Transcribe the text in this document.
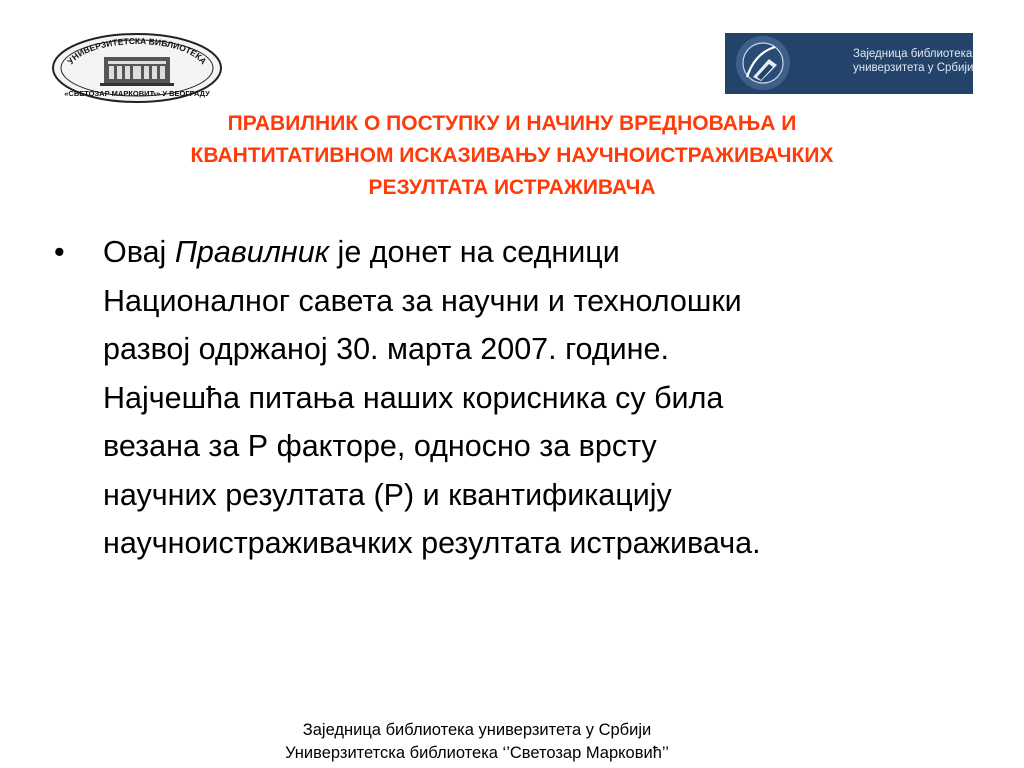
УНИВЕРЗИТЕТСКА БИБЛИОТЕКА
«СВЕТОЗАР МАРКОВИЋ» У БЕОГРАДУ
Заједница библиотека
универзитета у Србији
ПРАВИЛНИК О ПОСТУПКУ И НАЧИНУ ВРЕДНОВАЊА И
КВАНТИТАТИВНОМ ИСКАЗИВАЊУ НАУЧНОИСТРАЖИВАЧКИХ
РЕЗУЛТАТА ИСТРАЖИВАЧА
•	Овај Правилник је донет на седници
Националног савета за научни и технолошки
развој одржаној 30. марта 2007. године.
Најчешћа питања наших корисника су била
везана за Р факторе, односно за врсту
научних резултата (Р) и квантификацију
научноистраживачких резултата истраживача.
Заједница библиотека универзитета у Србији
Универзитетска библиотека ‘’Светозар Марковић’’
